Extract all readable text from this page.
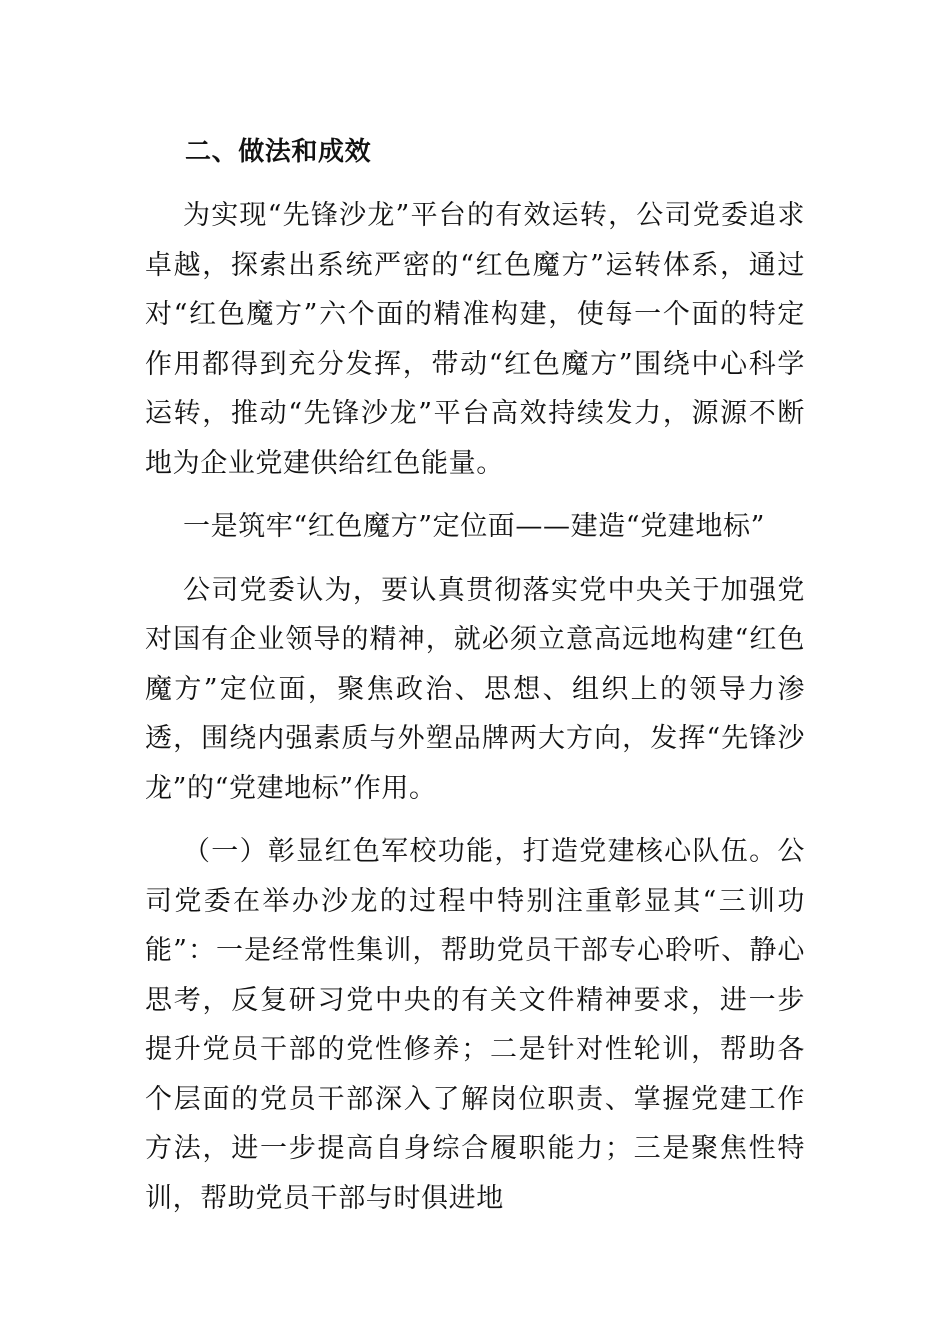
二、做法和成效

为实现“先锋沙龙”平台的有效运转，公司党委追求卓越，探索出系统严密的“红色魔方”运转体系，通过对“红色魔方”六个面的精准构建，使每一个面的特定作用都得到充分发挥，带动“红色魔方”围绕中心科学运转，推动“先锋沙龙”平台高效持续发力，源源不断地为企业党建供给红色能量。

一是筑牢“红色魔方”定位面——建造“党建地标”

公司党委认为，要认真贯彻落实党中央关于加强党对国有企业领导的精神，就必须立意高远地构建“红色魔方”定位面，聚焦政治、思想、组织上的领导力渗透，围绕内强素质与外塑品牌两大方向，发挥“先锋沙龙”的“党建地标”作用。

（一）彰显红色军校功能，打造党建核心队伍。公司党委在举办沙龙的过程中特别注重彰显其“三训功能”：一是经常性集训，帮助党员干部专心聆听、静心思考，反复研习党中央的有关文件精神要求，进一步提升党员干部的党性修养；二是针对性轮训，帮助各个层面的党员干部深入了解岗位职责、掌握党建工作方法，进一步提高自身综合履职能力；三是聚焦性特训，帮助党员干部与时俱进地
